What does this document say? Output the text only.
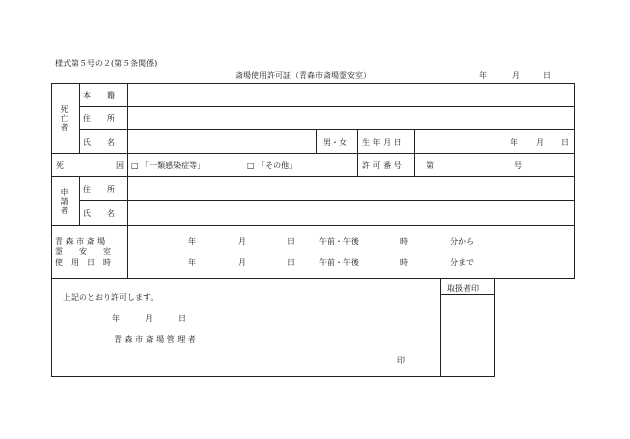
様式第５号の２(第５条関係)
斎場使用許可証（青森市斎場霊安室）	年	月	日
死亡者
本　　籍
住　　所
氏　　名	男・女 生 年 月 日	年 月 日
死	因 □ 「一類感染症等」	□ 「その他」	許 可 番 号	第	号
申請者 住　　所
氏　　名
青 森 市 斎 場
霊　　安　　室
使　用　日　時
年	月	日	午前・午後	時	分から
年	月	日	午前・午後	時	分まで
取扱者印
上記のとおり許可します。
年	月	日
青 森 市 斎 場 管 理 者
印
